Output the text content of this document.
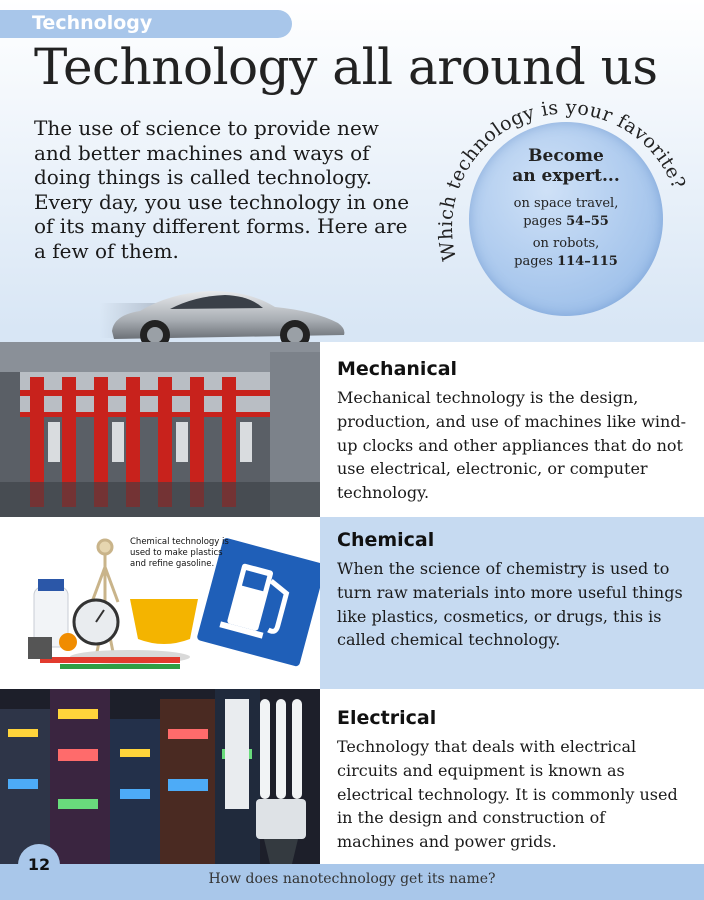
Technology
Technology all around us
The use of science to provide new and better machines and ways of doing things is called technology. Every day, you use technology in one of its many different forms. Here are a few of them.	Which technology is your favorite?
Become
an expert...
on space travel,
pages 54–55
on robots,
pages 114–115
Mechanical

Mechanical technology is the design, production, and use of machines like wind-up clocks and other appliances that do not use electrical, electronic, or computer technology.

Chemical technology is used to make plastics and refine gasoline.
Chemical

When the science of chemistry is used to turn raw materials into more useful things like plastics, cosmetics, or drugs, this is called chemical technology.

Electrical

Technology that deals with electrical circuits and equipment is known as electrical technology. It is commonly used in the design and construction of machines and power grids.

How does nanotechnology get its name?
12
